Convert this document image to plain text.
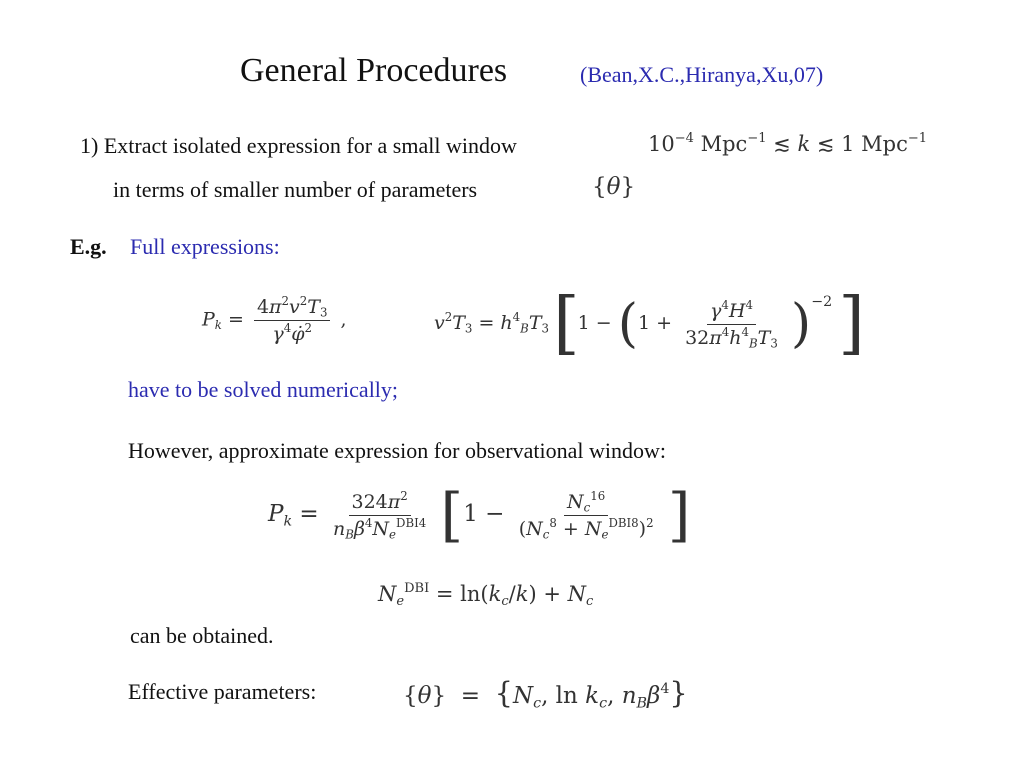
General Procedures	(Bean,X.C.,Hiranya,Xu,07)
1) Extract isolated expression for a small window	$10^{-4}$ Mpc$^{-1}$ ≲ k ≲ 1 Mpc$^{-1}$
in terms of smaller number of parameters	{θ}
E.g. Full expressions:
$P_k = \frac{4\pi^2v^2T_3}{\gamma^4\varphi̇^2}$ ,	$v^2T_3 = h^4_BT_3$ [$1 - (1 + \frac{\gamma^4H^4}{32\pi^4h^4_BT_3} )^{-2}$ ]
have to be solved numerically;
However, approximate expression for observational window:
$P_k = \frac{324\pi^2}{n_B\beta^4N_e^{DBI4}} [1 - \frac{N_c^{16}}{(N_c^8 + N_e^{DBI8})^2}$ ]
$N_e^{DBI} = \ln(k_c/k) + N_c$
can be obtained.
Effective parameters:	$\{\theta\} = \{N_c$, $\ln k_c$, $n_B\beta^4$}
